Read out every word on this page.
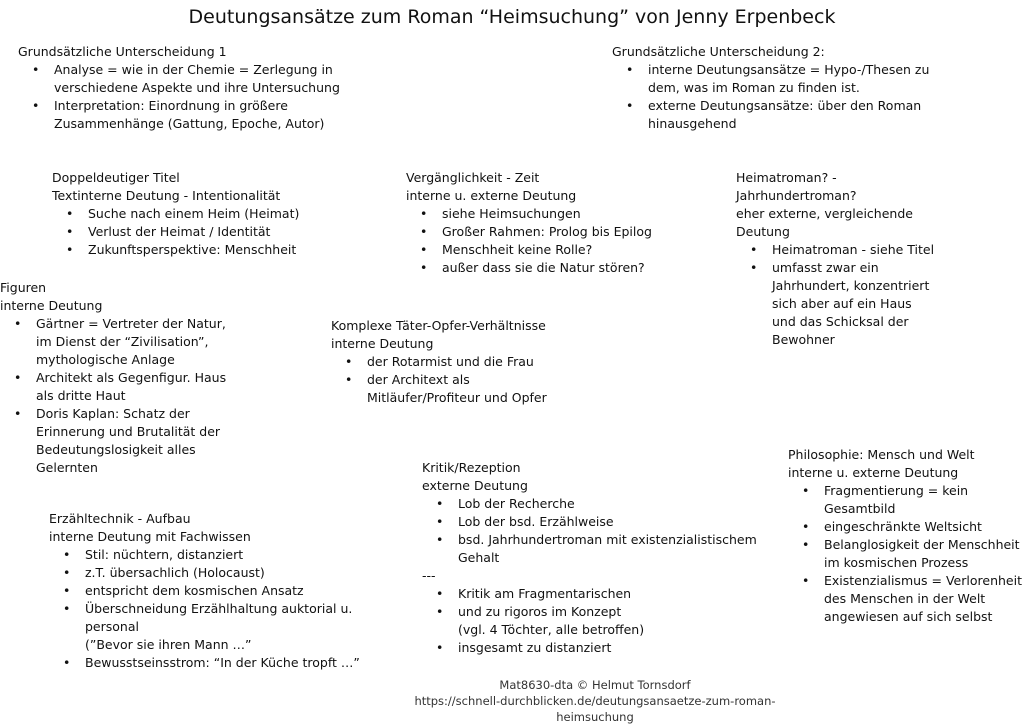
Deutungsansätze zum Roman “Heimsuchung” von Jenny Erpenbeck
Grundsätzliche Unterscheidung 1
• Analyse = wie in der Chemie = Zerlegung in
verschiedene Aspekte und ihre Untersuchung
• Interpretation: Einordnung in größere
Zusammenhänge (Gattung, Epoche, Autor)
Grundsätzliche Unterscheidung 2:
• interne Deutungsansätze = Hypo-/Thesen zu
dem, was im Roman zu finden ist.
• externe Deutungsansätze: über den Roman
hinausgehend
Doppeldeutiger Titel
Textinterne Deutung - Intentionalität
• Suche nach einem Heim (Heimat)
• Verlust der Heimat / Identität
• Zukunftsperspektive: Menschheit
Vergänglichkeit - Zeit
interne u. externe Deutung
• siehe Heimsuchungen
• Großer Rahmen: Prolog bis Epilog
• Menschheit keine Rolle?
• außer dass sie die Natur stören?
Heimatroman? -
Jahrhundertroman?
eher externe, vergleichende
Deutung
• Heimatroman - siehe Titel
• umfasst zwar ein
Jahrhundert, konzentriert
sich aber auf ein Haus
und das Schicksal der
Bewohner
Figuren
interne Deutung
• Gärtner = Vertreter der Natur,
im Dienst der “Zivilisation”,
mythologische Anlage
• Architekt als Gegenfigur. Haus
als dritte Haut
• Doris Kaplan: Schatz der
Erinnerung und Brutalität der
Bedeutungslosigkeit alles
Gelernten
Komplexe Täter-Opfer-Verhältnisse
interne Deutung
• der Rotarmist und die Frau
• der Architext als
Mitläufer/Profiteur und Opfer
Philosophie: Mensch und Welt
interne u. externe Deutung
• Fragmentierung = kein
Gesamtbild
• eingeschränkte Weltsicht
• Belanglosigkeit der Menschheit
im kosmischen Prozess
• Existenzialismus = Verlorenheit
des Menschen in der Welt
angewiesen auf sich selbst
Kritik/Rezeption
externe Deutung
• Lob der Recherche
• Lob der bsd. Erzählweise
• bsd. Jahrhundertroman mit existenzialistischem
Gehalt
---
• Kritik am Fragmentarischen
• und zu rigoros im Konzept
(vgl. 4 Töchter, alle betroffen)
• insgesamt zu distanziert
Erzähltechnik - Aufbau
interne Deutung mit Fachwissen
• Stil: nüchtern, distanziert
• z.T. übersachlich (Holocaust)
• entspricht dem kosmischen Ansatz
• Überschneidung Erzählhaltung auktorial u.
personal
(”Bevor sie ihren Mann …”
• Bewusstseinsstrom: “In der Küche tropft …”
Mat8630-dta © Helmut Tornsdorf
https://schnell-durchblicken.de/deutungsansaetze-zum-roman-heimsuchung
